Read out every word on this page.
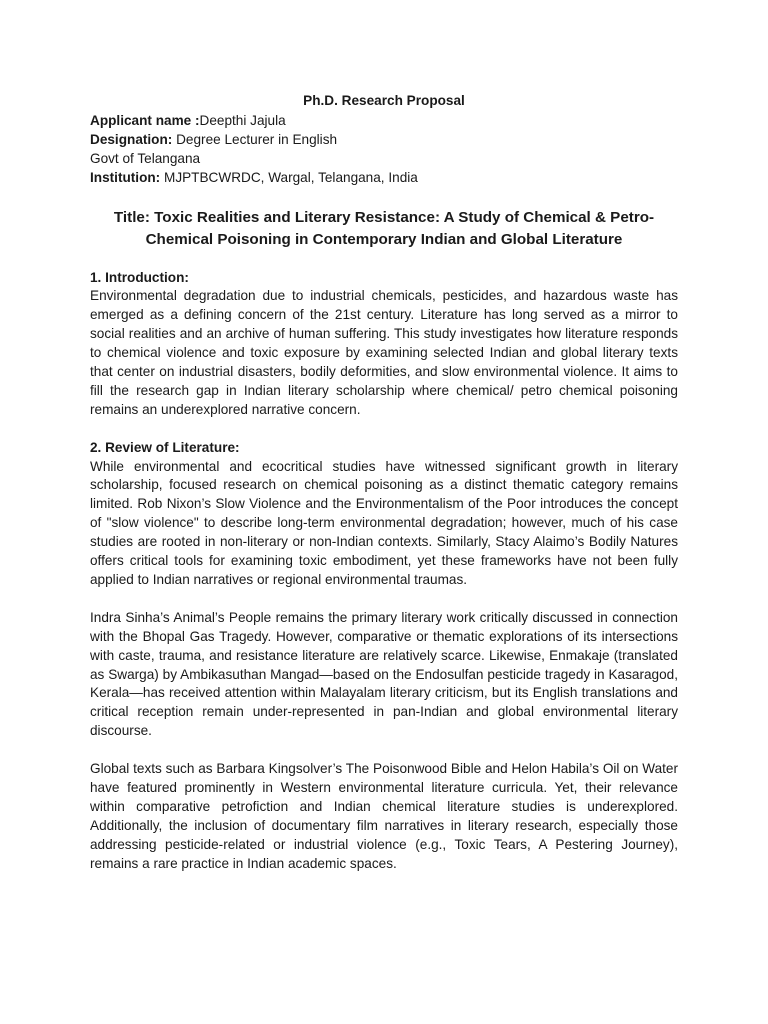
Ph.D. Research Proposal

Applicant name :Deepthi Jajula

Designation: Degree Lecturer in English

Govt of Telangana

Institution: MJPTBCWRDC, Wargal, Telangana, India

Title: Toxic Realities and Literary Resistance: A Study of Chemical & Petro-
Chemical Poisoning in Contemporary Indian and Global Literature

1. Introduction:

Environmental degradation due to industrial chemicals, pesticides, and hazardous waste has emerged as a defining concern of the 21st century. Literature has long served as a mirror to social realities and an archive of human suffering. This study investigates how literature responds to chemical violence and toxic exposure by examining selected Indian and global literary texts that center on industrial disasters, bodily deformities, and slow environmental violence. It aims to fill the research gap in Indian literary scholarship where chemical/ petro chemical poisoning remains an underexplored narrative concern.

2. Review of Literature:

While environmental and ecocritical studies have witnessed significant growth in literary scholarship, focused research on chemical poisoning as a distinct thematic category remains limited. Rob Nixon’s Slow Violence and the Environmentalism of the Poor introduces the concept of "slow violence" to describe long-term environmental degradation; however, much of his case studies are rooted in non-literary or non-Indian contexts. Similarly, Stacy Alaimo’s Bodily Natures offers critical tools for examining toxic embodiment, yet these frameworks have not been fully applied to Indian narratives or regional environmental traumas.

Indra Sinha’s Animal’s People remains the primary literary work critically discussed in connection with the Bhopal Gas Tragedy. However, comparative or thematic explorations of its intersections with caste, trauma, and resistance literature are relatively scarce. Likewise, Enmakaje (translated as Swarga) by Ambikasuthan Mangad—based on the Endosulfan pesticide tragedy in Kasaragod, Kerala—has received attention within Malayalam literary criticism, but its English translations and critical reception remain under-represented in pan-Indian and global environmental literary discourse.

Global texts such as Barbara Kingsolver’s The Poisonwood Bible and Helon Habila’s Oil on Water have featured prominently in Western environmental literature curricula. Yet, their relevance within comparative petrofiction and Indian chemical literature studies is underexplored. Additionally, the inclusion of documentary film narratives in literary research, especially those addressing pesticide-related or industrial violence (e.g., Toxic Tears, A Pestering Journey), remains a rare practice in Indian academic spaces.
